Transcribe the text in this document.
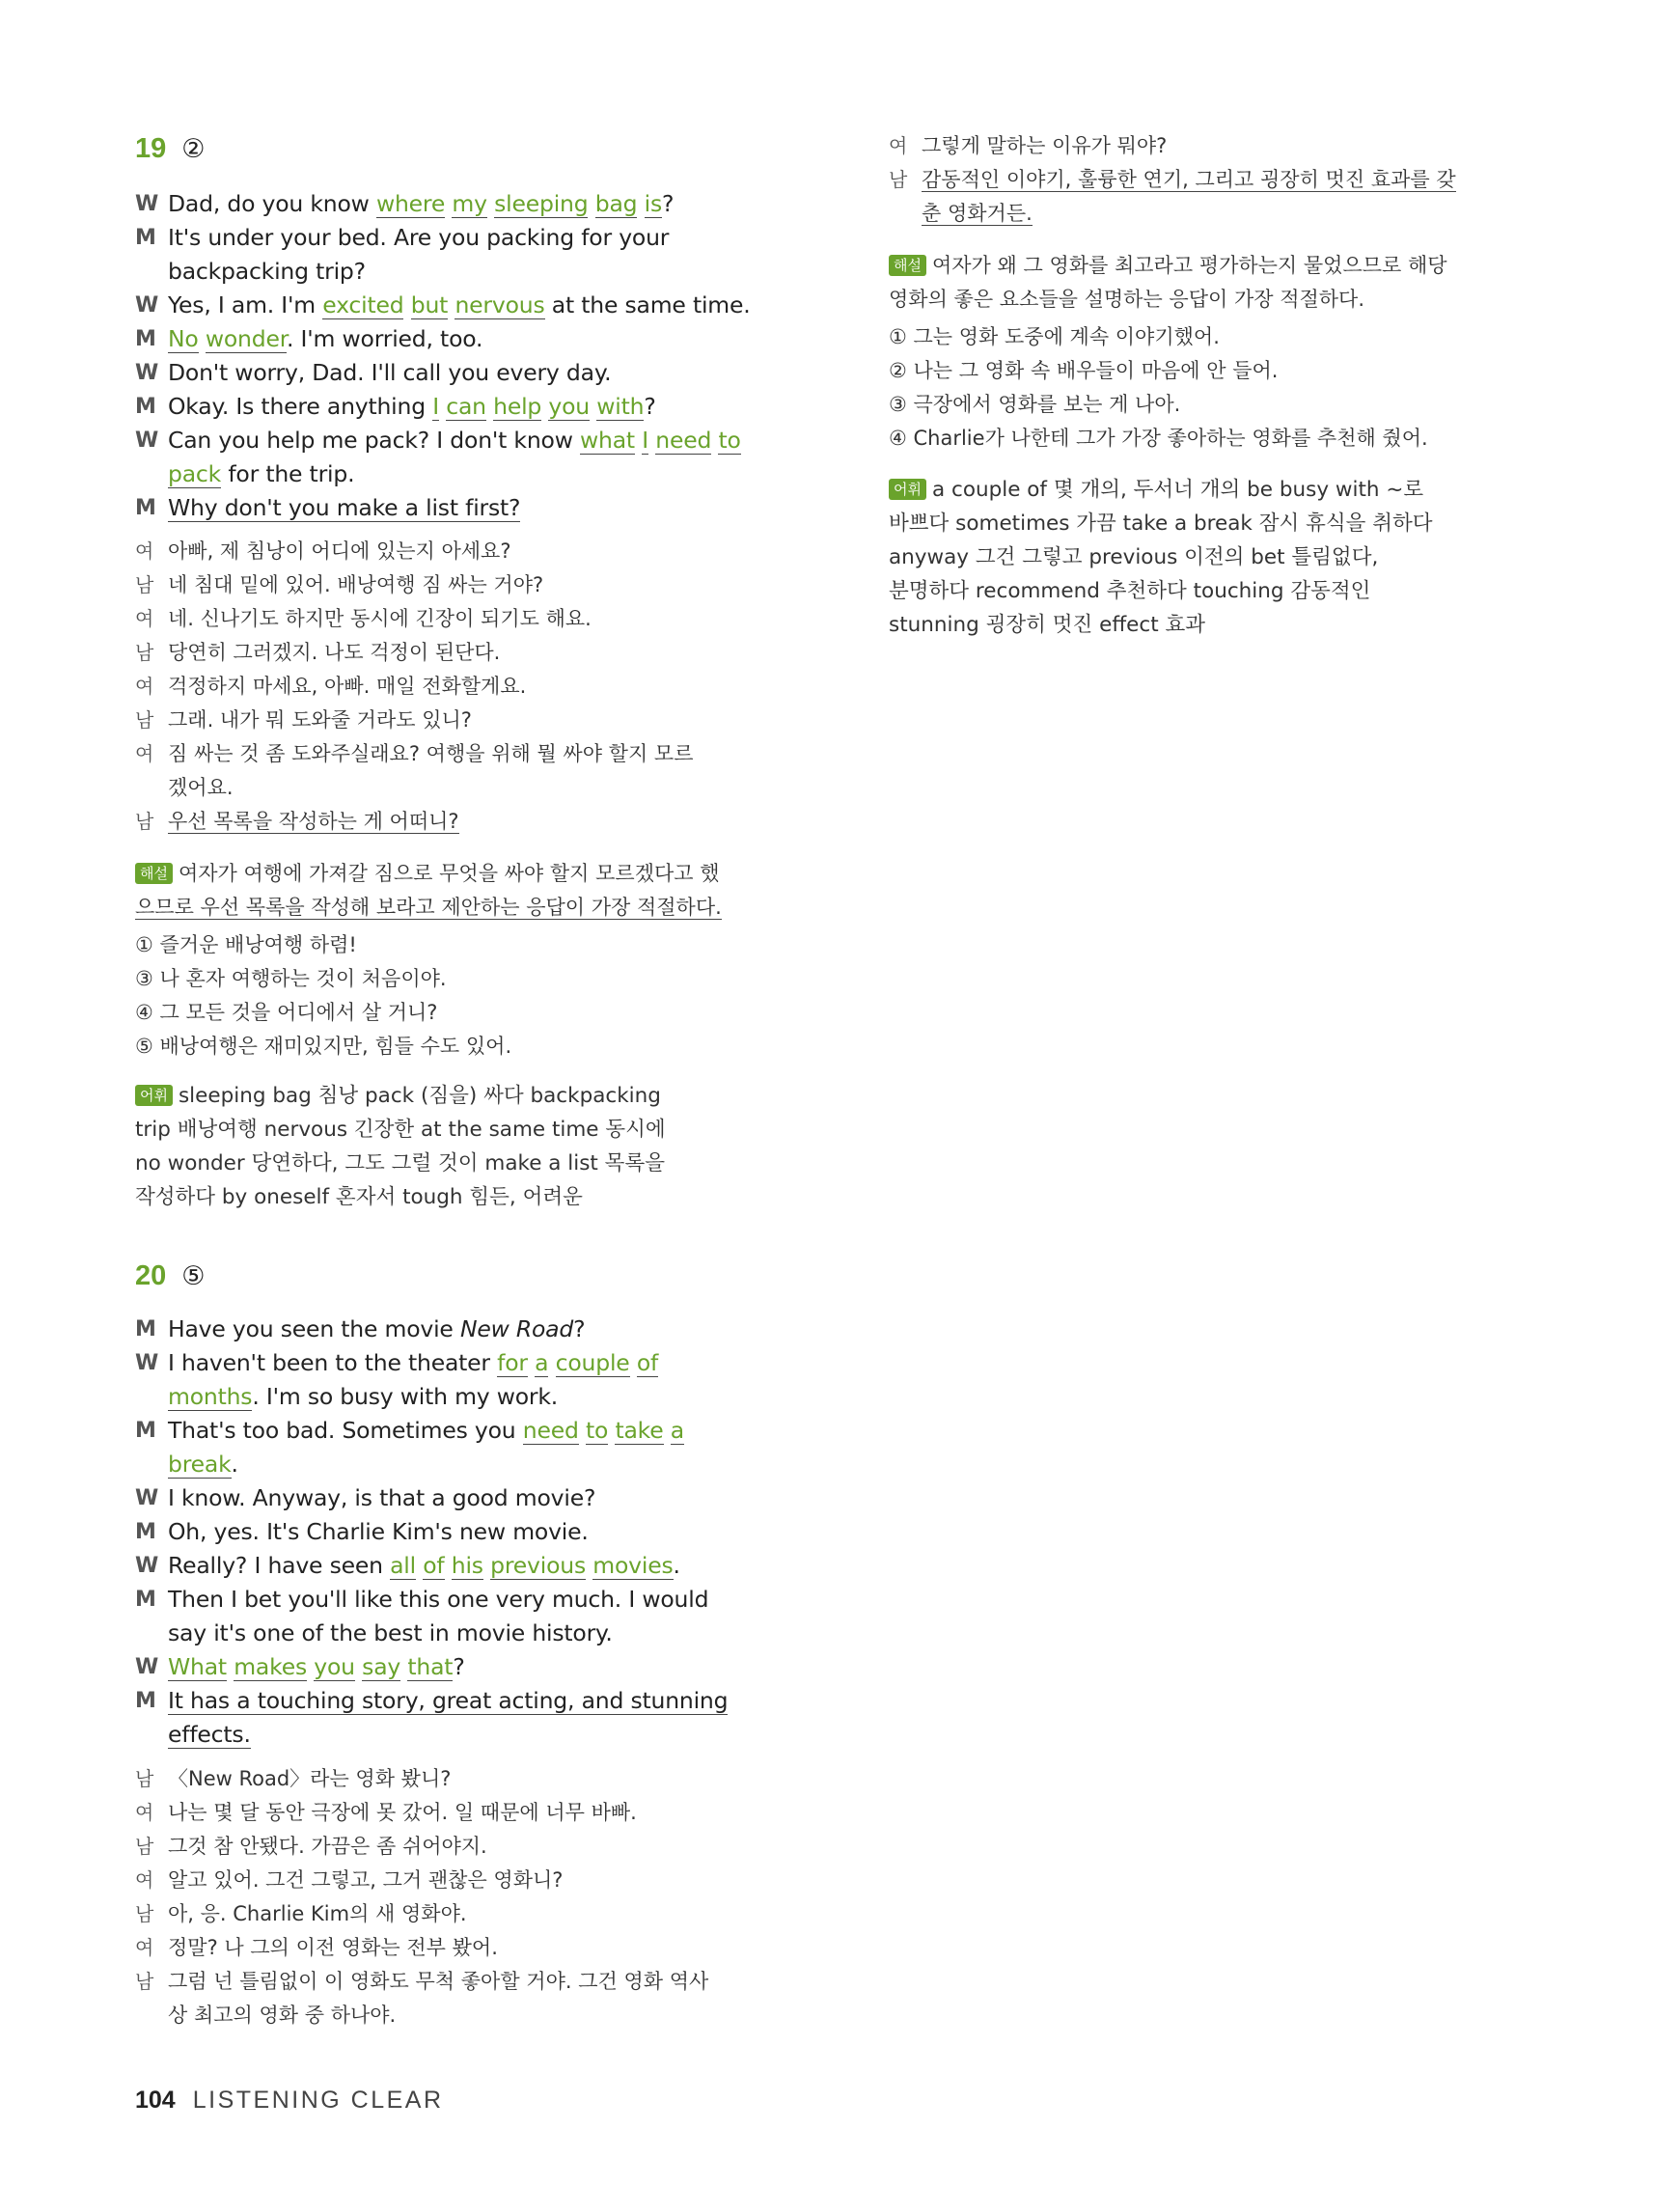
19 ②
W Dad, do you know where my sleeping bag is?
M It's under your bed. Are you packing for your
backpacking trip?
W Yes, I am. I'm excited but nervous at the same time.
M No wonder. I'm worried, too.
W Don't worry, Dad. I'll call you every day.
M Okay. Is there anything I can help you with?
W Can you help me pack? I don't know what I need to
pack for the trip.
M Why don't you make a list first?
여 아빠, 제 침낭이 어디에 있는지 아세요?
남 네 침대 밑에 있어. 배낭여행 짐 싸는 거야?
여 네. 신나기도 하지만 동시에 긴장이 되기도 해요.
남 당연히 그러겠지. 나도 걱정이 된단다.
여 걱정하지 마세요, 아빠. 매일 전화할게요.
남 그래. 내가 뭐 도와줄 거라도 있니?
여 짐 싸는 것 좀 도와주실래요? 여행을 위해 뭘 싸야 할지 모르
겠어요.
남 우선 목록을 작성하는 게 어떠니?
해설 여자가 여행에 가져갈 짐으로 무엇을 싸야 할지 모르겠다고 했
으므로 우선 목록을 작성해 보라고 제안하는 응답이 가장 적절하다.
① 즐거운 배낭여행 하렴!
③ 나 혼자 여행하는 것이 처음이야.
④ 그 모든 것을 어디에서 살 거니?
⑤ 배낭여행은 재미있지만, 힘들 수도 있어.
어휘 sleeping bag 침낭 pack (짐을) 싸다 backpacking
trip 배낭여행 nervous 긴장한 at the same time 동시에
no wonder 당연하다, 그도 그럴 것이 make a list 목록을
작성하다 by oneself 혼자서 tough 힘든, 어려운
20 ⑤
M Have you seen the movie New Road?
W I haven't been to the theater for a couple of
months. I'm so busy with my work.
M That's too bad. Sometimes you need to take a
break.
W I know. Anyway, is that a good movie?
M Oh, yes. It's Charlie Kim's new movie.
W Really? I have seen all of his previous movies.
M Then I bet you'll like this one very much. I would
say it's one of the best in movie history.
W What makes you say that?
M It has a touching story, great acting, and stunning
effects.
남 〈New Road〉라는 영화 봤니?
여 나는 몇 달 동안 극장에 못 갔어. 일 때문에 너무 바빠.
남 그것 참 안됐다. 가끔은 좀 쉬어야지.
여 알고 있어. 그건 그렇고, 그거 괜찮은 영화니?
남 아, 응. Charlie Kim의 새 영화야.
여 정말? 나 그의 이전 영화는 전부 봤어.
남 그럼 넌 틀림없이 이 영화도 무척 좋아할 거야. 그건 영화 역사
상 최고의 영화 중 하나야.
여 그렇게 말하는 이유가 뭐야?
남 감동적인 이야기, 훌륭한 연기, 그리고 굉장히 멋진 효과를 갖
춘 영화거든.
해설 여자가 왜 그 영화를 최고라고 평가하는지 물었으므로 해당
영화의 좋은 요소들을 설명하는 응답이 가장 적절하다.
① 그는 영화 도중에 계속 이야기했어.
② 나는 그 영화 속 배우들이 마음에 안 들어.
③ 극장에서 영화를 보는 게 나아.
④ Charlie가 나한테 그가 가장 좋아하는 영화를 추천해 줬어.
어휘 a couple of 몇 개의, 두서너 개의 be busy with ~로
바쁘다 sometimes 가끔 take a break 잠시 휴식을 취하다
anyway 그건 그렇고 previous 이전의 bet 틀림없다,
분명하다 recommend 추천하다 touching 감동적인
stunning 굉장히 멋진 effect 효과
104 LISTENING CLEAR
